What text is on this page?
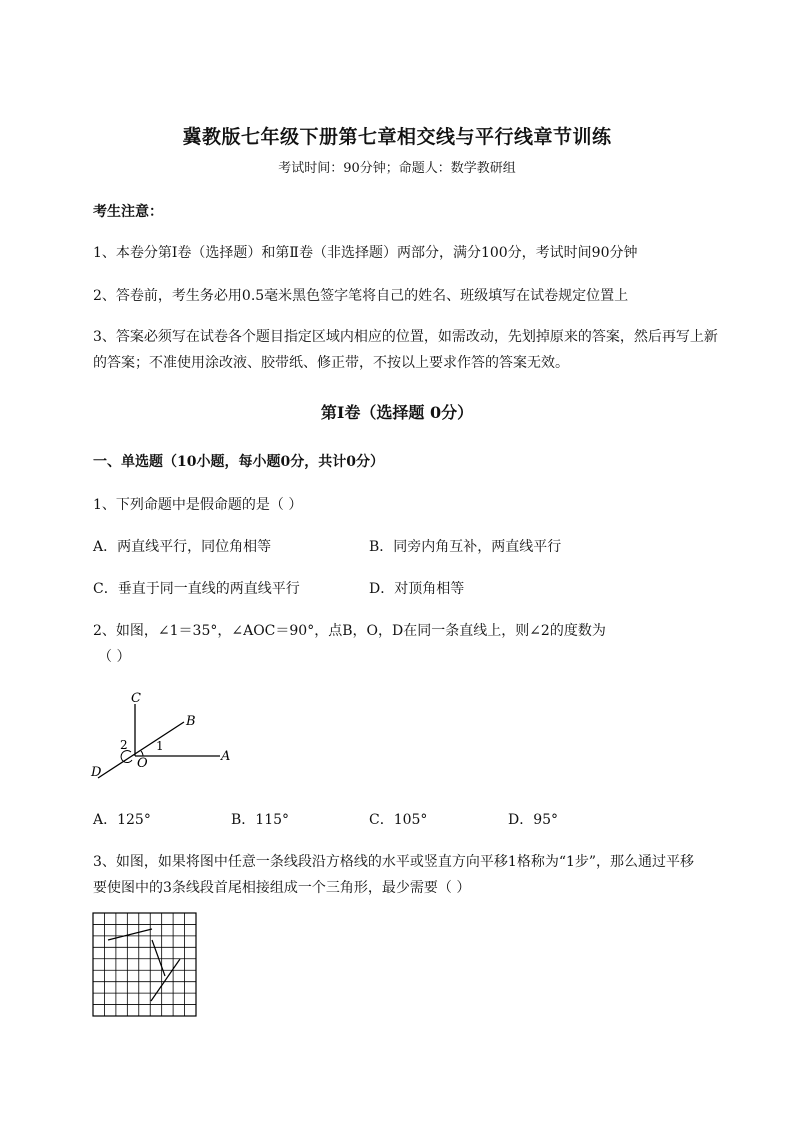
冀教版七年级下册第七章相交线与平行线章节训练
考试时间：90分钟；命题人：数学教研组
考生注意：
1、本卷分第I卷（选择题）和第Ⅱ卷（非选择题）两部分，满分100分，考试时间90分钟
2、答卷前，考生务必用0.5毫米黑色签字笔将自己的姓名、班级填写在试卷规定位置上
3、答案必须写在试卷各个题目指定区域内相应的位置，如需改动，先划掉原来的答案，然后再写上新
的答案；不准使用涂改液、胶带纸、修正带，不按以上要求作答的答案无效。
第I卷（选择题 0分）
一、单选题（10小题，每小题0分，共计0分）
1、下列命题中是假命题的是（ ）
A．两直线平行，同位角相等	B．同旁内角互补，两直线平行
C．垂直于同一直线的两直线平行	D．对顶角相等
2、如图，∠1＝35°，∠AOC＝90°，点B，O，D在同一条直线上，则∠2的度数为
（ ）
C
B
A
D
O
1
2
A．125°	B．115°	C．105°	D．95°
3、如图，如果将图中任意一条线段沿方格线的水平或竖直方向平移1格称为“1步”，那么通过平移
要使图中的3条线段首尾相接组成一个三角形，最少需要（ ）
